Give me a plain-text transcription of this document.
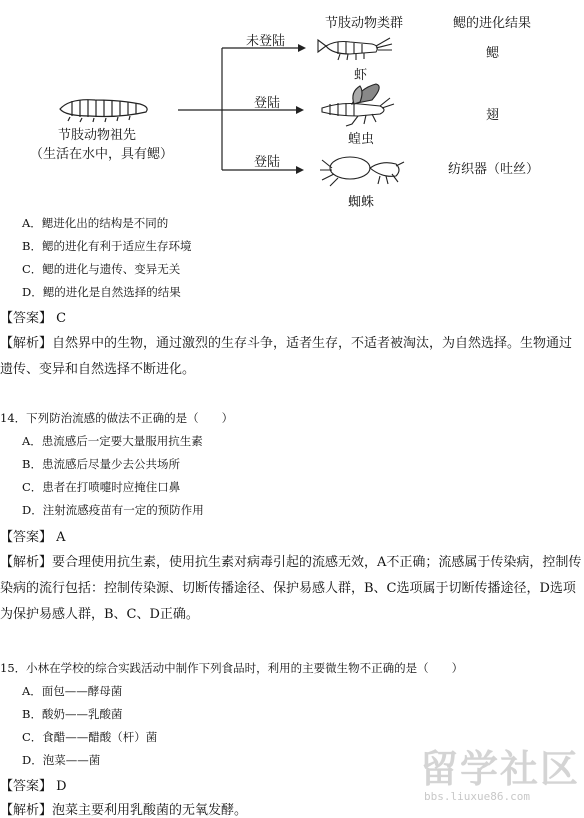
节肢动物类群	鳃的进化结果
未登陆
登陆
登陆
虾
蝗虫
蜘蛛
鳃
翅
纺织器（吐丝）
节肢动物祖先
（生活在水中，具有鳃）
A．鳃进化出的结构是不同的
B．鳃的进化有利于适应生存环境
C．鳃的进化与遗传、变异无关
D．鳃的进化是自然选择的结果
【答案】 C
【解析】自然界中的生物，通过激烈的生存斗争，适者生存，不适者被淘汰，为自然选择。生物通过遗传、变异和自然选择不断进化。
14．下列防治流感的做法不正确的是（　　）
A．患流感后一定要大量服用抗生素
B．患流感后尽量少去公共场所
C．患者在打喷嚏时应掩住口鼻
D．注射流感疫苗有一定的预防作用
【答案】 A
【解析】要合理使用抗生素，使用抗生素对病毒引起的流感无效，A不正确；流感属于传染病，控制传染病的流行包括：控制传染源、切断传播途径、保护易感人群，B、C选项属于切断传播途径，D选项为保护易感人群，B、C、D正确。
15．小林在学校的综合实践活动中制作下列食品时，利用的主要微生物不正确的是（　　）
A．面包——酵母菌
B．酸奶——乳酸菌
C．食醋——醋酸（杆）菌
D．泡菜——菌
【答案】 D
【解析】泡菜主要利用乳酸菌的无氧发酵。
留学社区
bbs.liuxue86.com
